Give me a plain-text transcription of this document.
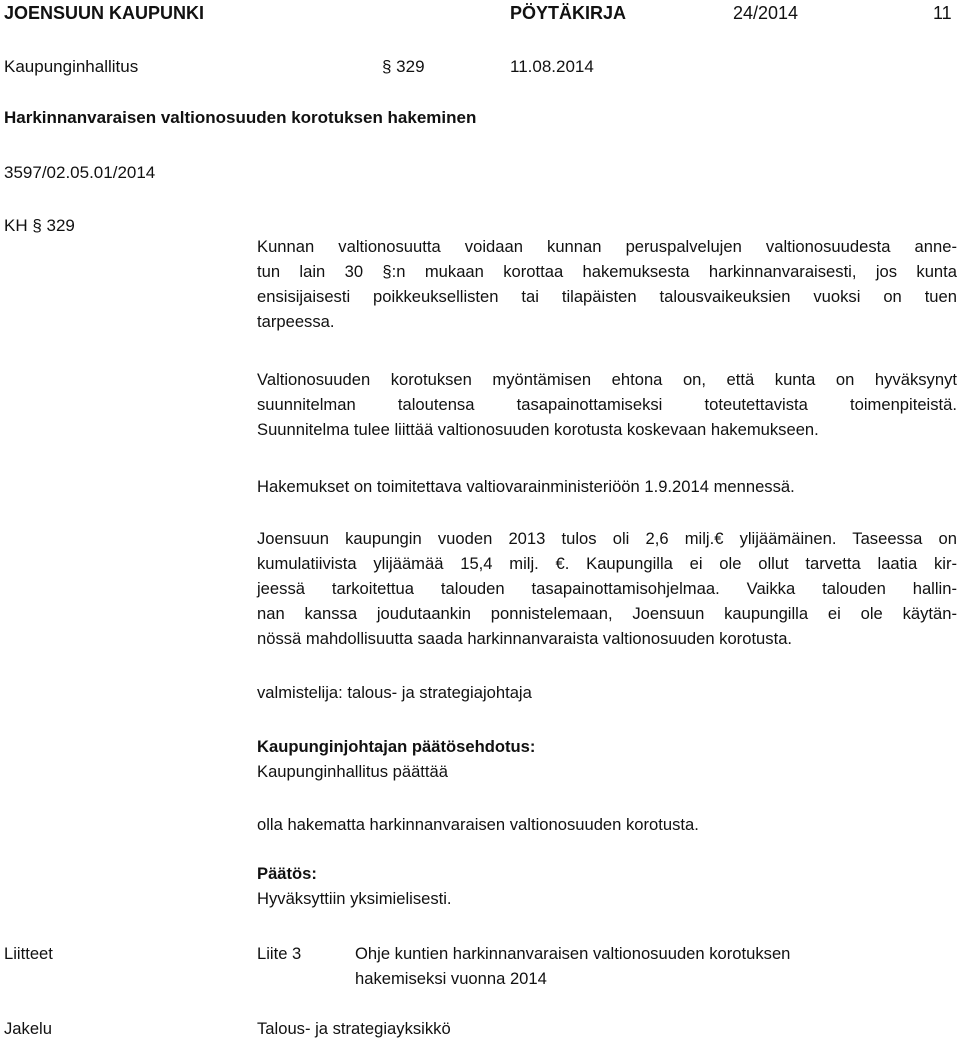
JOENSUUN KAUPUNKI	PÖYTÄKIRJA	24/2014	11
Kaupunginhallitus	§ 329	11.08.2014
Harkinnanvaraisen valtionosuuden korotuksen hakeminen
3597/02.05.01/2014
KH § 329
Kunnan valtionosuutta voidaan kunnan peruspalvelujen valtionosuudesta anne-
tun lain 30 §:n mukaan korottaa hakemuksesta harkinnanvaraisesti, jos kunta
ensisijaisesti poikkeuksellisten tai tilapäisten talousvaikeuksien vuoksi on tuen
tarpeessa.
Valtionosuuden korotuksen myöntämisen ehtona on, että kunta on hyväksynyt
suunnitelman taloutensa tasapainottamiseksi toteutettavista toimenpiteistä.
Suunnitelma tulee liittää valtionosuuden korotusta koskevaan hakemukseen.
Hakemukset on toimitettava valtiovarainministeriöön 1.9.2014 mennessä.
Joensuun kaupungin vuoden 2013 tulos oli 2,6 milj.€ ylijäämäinen. Taseessa on
kumulatiivista ylijäämää 15,4 milj. €. Kaupungilla ei ole ollut tarvetta laatia kir-
jeessä tarkoitettua talouden tasapainottamisohjelmaa. Vaikka talouden hallin-
nan kanssa joudutaankin ponnistelemaan, Joensuun kaupungilla ei ole käytän-
nössä mahdollisuutta saada harkinnanvaraista valtionosuuden korotusta.
valmistelija: talous- ja strategiajohtaja
Kaupunginjohtajan päätösehdotus:
Kaupunginhallitus päättää
olla hakematta harkinnanvaraisen valtionosuuden korotusta.
Päätös:
Hyväksyttiin yksimielisesti.
Liitteet	Liite 3	Ohje kuntien harkinnanvaraisen valtionosuuden korotuksen
hakemiseksi vuonna 2014
Jakelu	Talous- ja strategiayksikkö
